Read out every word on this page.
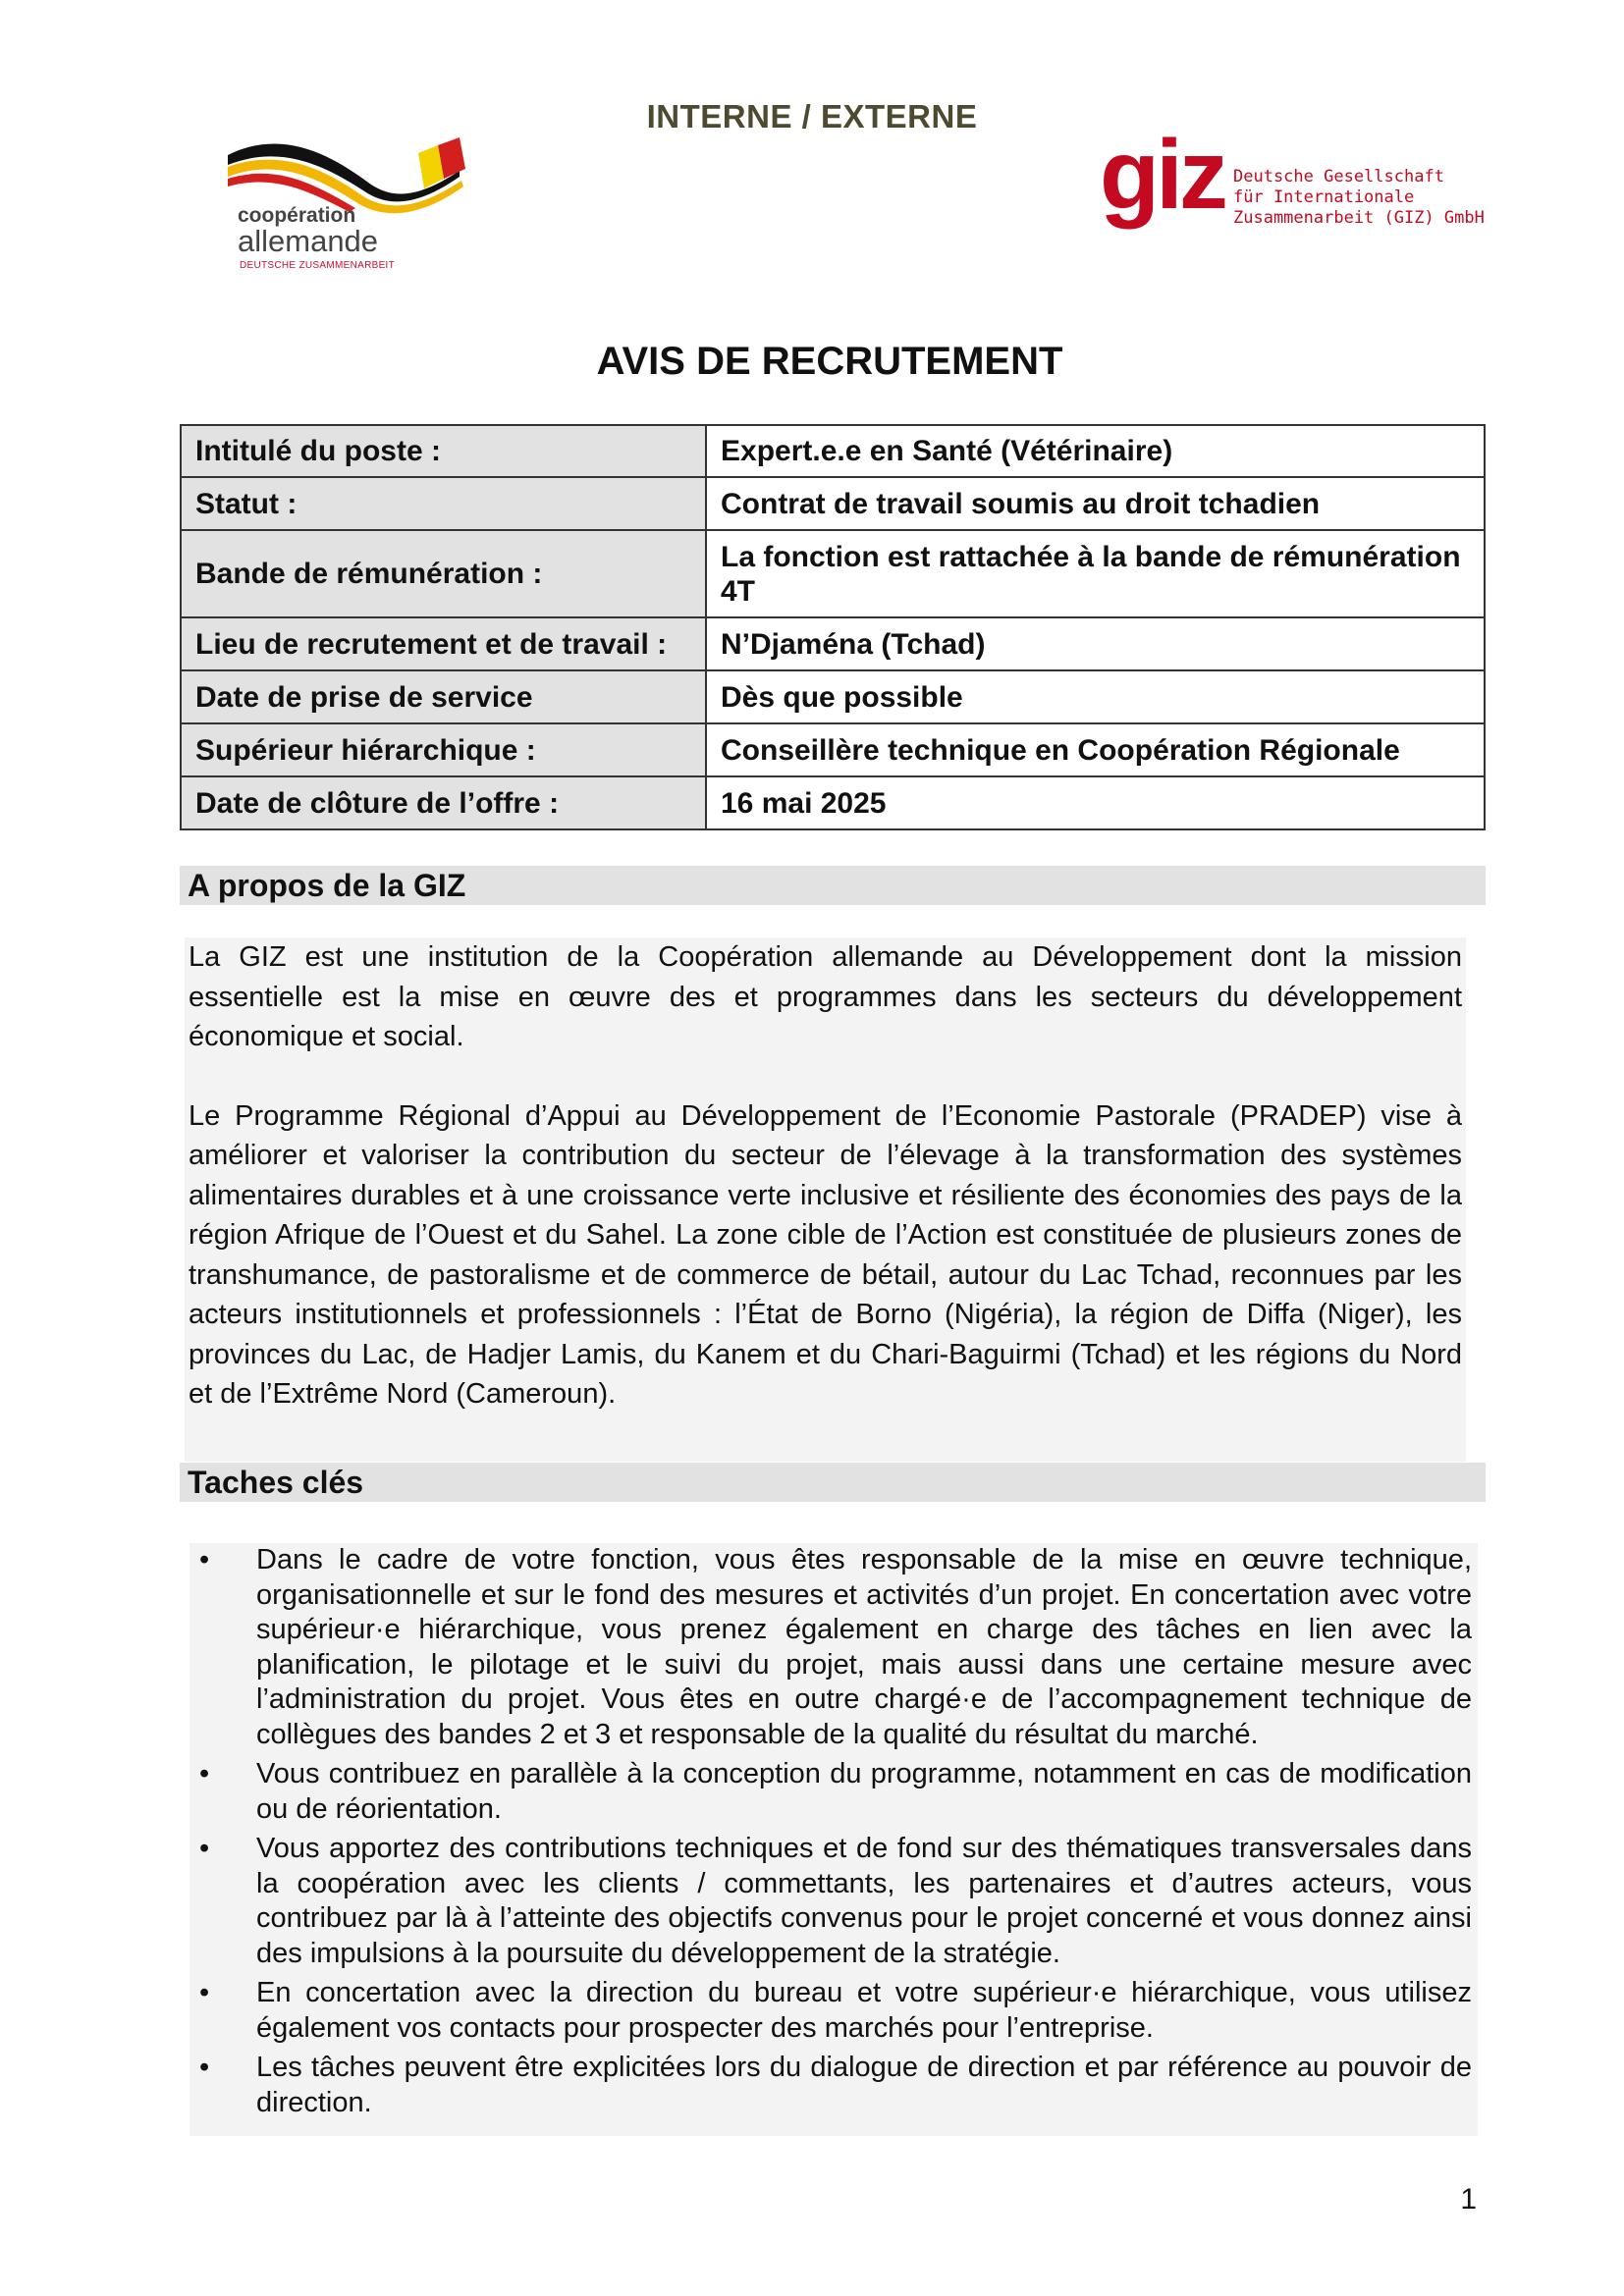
INTERNE / EXTERNE
coopération
allemande
DEUTSCHE ZUSAMMENARBEIT
giz Deutsche Gesellschaft
für Internationale
Zusammenarbeit (GIZ) GmbH
AVIS DE RECRUTEMENT
Intitulé du poste :	Expert.e.e en Santé (Vétérinaire)
Statut :	Contrat de travail soumis au droit tchadien
Bande de rémunération :	La fonction est rattachée à la bande de rémunération 4T
Lieu de recrutement et de travail :	N’Djaména (Tchad)
Date de prise de service	Dès que possible
Supérieur hiérarchique :	Conseillère technique en Coopération Régionale
Date de clôture de l’offre :	16 mai 2025
A propos de la GIZ

La GIZ est une institution de la Coopération allemande au Développement dont la mission essentielle est la mise en œuvre des et programmes dans les secteurs du développement économique et social.

Le Programme Régional d’Appui au Développement de l’Economie Pastorale (PRADEP) vise à améliorer et valoriser la contribution du secteur de l’élevage à la transformation des systèmes alimentaires durables et à une croissance verte inclusive et résiliente des économies des pays de la région Afrique de l’Ouest et du Sahel. La zone cible de l’Action est constituée de plusieurs zones de transhumance, de pastoralisme et de commerce de bétail, autour du Lac Tchad, reconnues par les acteurs institutionnels et professionnels : l’État de Borno (Nigéria), la région de Diffa (Niger), les provinces du Lac, de Hadjer Lamis, du Kanem et du Chari-Baguirmi (Tchad) et les régions du Nord et de l’Extrême Nord (Cameroun).

Taches clés
• Dans le cadre de votre fonction, vous êtes responsable de la mise en œuvre technique, organisationnelle et sur le fond des mesures et activités d’un projet. En concertation avec votre supérieur·e hiérarchique, vous prenez également en charge des tâches en lien avec la planification, le pilotage et le suivi du projet, mais aussi dans une certaine mesure avec l’administration du projet. Vous êtes en outre chargé·e de l’accompagnement technique de collègues des bandes 2 et 3 et responsable de la qualité du résultat du marché.
• Vous contribuez en parallèle à la conception du programme, notamment en cas de modification ou de réorientation.
• Vous apportez des contributions techniques et de fond sur des thématiques transversales dans la coopération avec les clients / commettants, les partenaires et d’autres acteurs, vous contribuez par là à l’atteinte des objectifs convenus pour le projet concerné et vous donnez ainsi des impulsions à la poursuite du développement de la stratégie.
• En concertation avec la direction du bureau et votre supérieur·e hiérarchique, vous utilisez également vos contacts pour prospecter des marchés pour l’entreprise.
• Les tâches peuvent être explicitées lors du dialogue de direction et par référence au pouvoir de direction.
1
